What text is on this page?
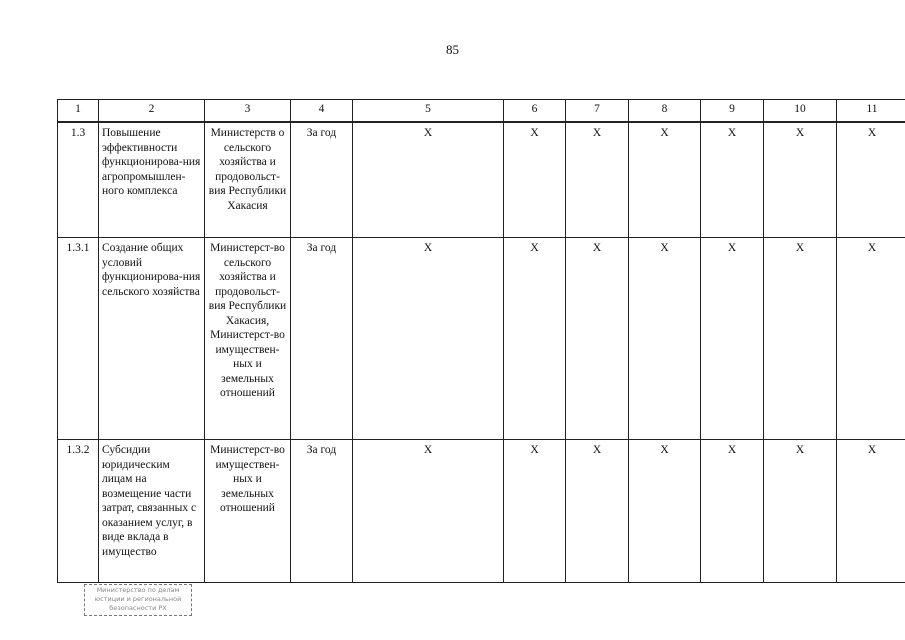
85
1	2	3	4	5	6	7	8	9	10	11
1.3	Повышение эффективности функционирова-ния агропромышлен-ного комплекса	Министерств о сельского хозяйства и продовольст-вия Республики Хакасия	За год	X	X	X	X	X	X	X
1.3.1	Создание общих условий функционирова-ния сельского хозяйства	Министерст-во сельского хозяйства и продовольст-вия Республики Хакасия, Министерст-во имуществен-ных и земельных отношений	За год	X	X	X	X	X	X	X
1.3.2	Субсидии юридическим лицам на возмещение части затрат, связанных с оказанием услуг, в виде вклада в имущество	Министерст-во имуществен-ных и земельных отношений	За год	X	X	X	X	X	X	X
Министерство по делам
юстиции и региональной
безопасности РХ
